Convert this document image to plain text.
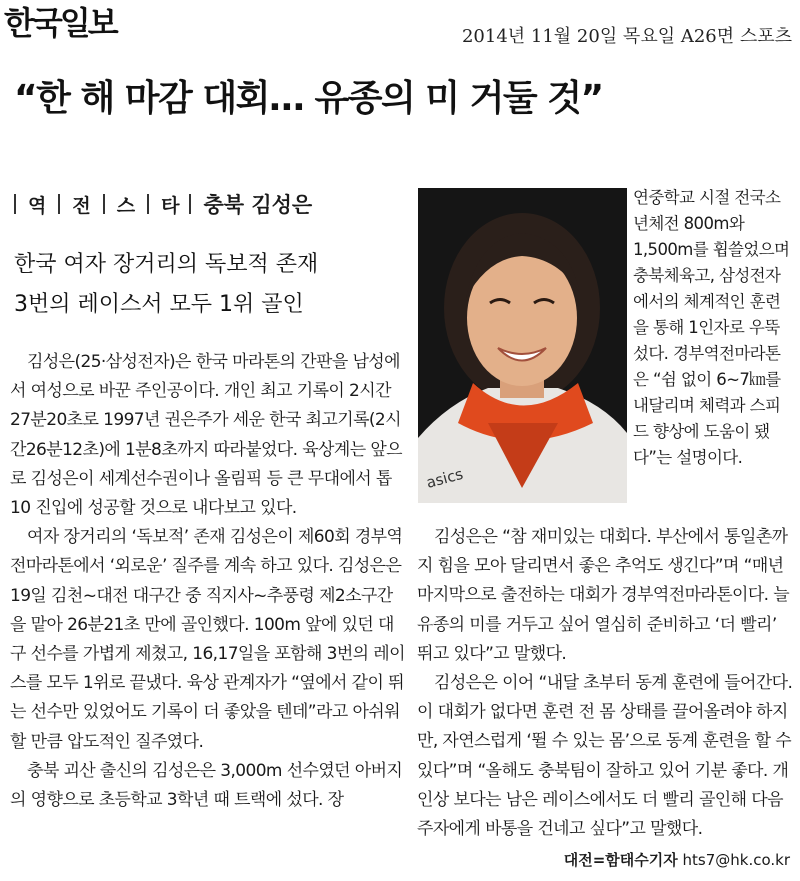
한국일보	2014년 11월 20일 목요일 A26면 스포츠
“한 해 마감 대회… 유종의 미 거둘 것”
역 전 스 타 충북 김성은
한국 여자 장거리의 독보적 존재
3번의 레이스서 모두 1위 골인

김성은(25·삼성전자)은 한국 마라톤의 간판을 남성에서 여성으로 바꾼 주인공이다. 개인 최고 기록이 2시간27분20초로 1997년 권은주가 세운 한국 최고기록(2시간26분12초)에 1분8초까지 따라붙었다. 육상계는 앞으로 김성은이 세계선수권이나 올림픽 등 큰 무대에서 톱10 진입에 성공할 것으로 내다보고 있다.

여자 장거리의 ‘독보적’ 존재 김성은이 제60회 경부역전마라톤에서 ‘외로운’ 질주를 계속 하고 있다. 김성은은 19일 김천~대전 대구간 중 직지사~추풍령 제2소구간을 맡아 26분21초 만에 골인했다. 100m 앞에 있던 대구 선수를 가볍게 제쳤고, 16,17일을 포함해 3번의 레이스를 모두 1위로 끝냈다. 육상 관계자가 “옆에서 같이 뛰는 선수만 있었어도 기록이 더 좋았을 텐데”라고 아쉬워할 만큼 압도적인 질주였다.

충북 괴산 출신의 김성은은 3,000m 선수였던 아버지의 영향으로 초등학교 3학년 때 트랙에 섰다. 장

asics
연중학교 시절 전국소년체전 800m와 1,500m를 휩쓸었으며 충북체육고, 삼성전자에서의 체계적인 훈련을 통해 1인자로 우뚝 섰다. 경부역전마라톤은 “쉼 없이 6~7㎞를 내달리며 체력과 스피드 향상에 도움이 됐다”는 설명이다.

김성은은 “참 재미있는 대회다. 부산에서 통일촌까지 힘을 모아 달리면서 좋은 추억도 생긴다”며 “매년 마지막으로 출전하는 대회가 경부역전마라톤이다. 늘 유종의 미를 거두고 싶어 열심히 준비하고 ‘더 빨리’ 뛰고 있다”고 말했다.

김성은은 이어 “내달 초부터 동계 훈련에 들어간다. 이 대회가 없다면 훈련 전 몸 상태를 끌어올려야 하지만, 자연스럽게 ‘뛸 수 있는 몸’으로 동계 훈련을 할 수 있다”며 “올해도 충북팀이 잘하고 있어 기분 좋다. 개인상 보다는 남은 레이스에서도 더 빨리 골인해 다음 주자에게 바통을 건네고 싶다”고 말했다.

대전=함태수기자 hts7@hk.co.kr
